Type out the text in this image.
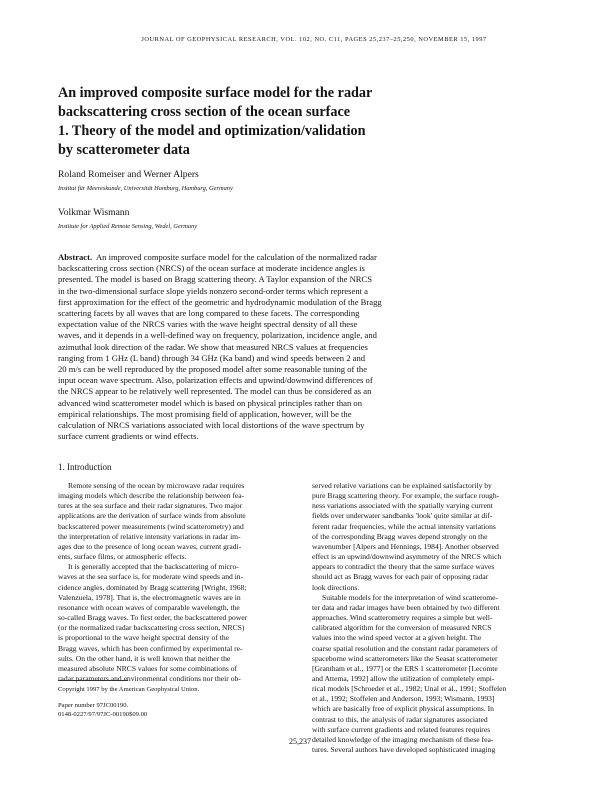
JOURNAL OF GEOPHYSICAL RESEARCH, VOL. 102, NO. C11, PAGES 25,237–25,250, NOVEMBER 15, 1997
An improved composite surface model for the radar
backscattering cross section of the ocean surface
1. Theory of the model and optimization/validation
by scatterometer data
Roland Romeiser and Werner Alpers
Institut für Meereskunde, Universität Hamburg, Hamburg, Germany
Volkmar Wismann
Institute for Applied Remote Sensing, Wedel, Germany
Abstract. An improved composite surface model for the calculation of the normalized radar
backscattering cross section (NRCS) of the ocean surface at moderate incidence angles is
presented. The model is based on Bragg scattering theory. A Taylor expansion of the NRCS
in the two-dimensional surface slope yields nonzero second-order terms which represent a
first approximation for the effect of the geometric and hydrodynamic modulation of the Bragg
scattering facets by all waves that are long compared to these facets. The corresponding
expectation value of the NRCS varies with the wave height spectral density of all these
waves, and it depends in a well-defined way on frequency, polarization, incidence angle, and
azimuthal look direction of the radar. We show that measured NRCS values at frequencies
ranging from 1 GHz (L band) through 34 GHz (Ka band) and wind speeds between 2 and
20 m/s can be well reproduced by the proposed model after some reasonable tuning of the
input ocean wave spectrum. Also, polarization effects and upwind/downwind differences of
the NRCS appear to be relatively well represented. The model can thus be considered as an
advanced wind scatterometer model which is based on physical principles rather than on
empirical relationships. The most promising field of application, however, will be the
calculation of NRCS variations associated with local distortions of the wave spectrum by
surface current gradients or wind effects.
1. Introduction
Remote sensing of the ocean by microwave radar requires
imaging models which describe the relationship between fea-
tures at the sea surface and their radar signatures. Two major
applications are the derivation of surface winds from absolute
backscattered power measurements (wind scatterometry) and
the interpretation of relative intensity variations in radar im-
ages due to the presence of long ocean waves, current gradi-
ents, surface films, or atmospheric effects.
It is generally accepted that the backscattering of micro-
waves at the sea surface is, for moderate wind speeds and in-
cidence angles, dominated by Bragg scattering [Wright, 1968;
Valenzuela, 1978]. That is, the electromagnetic waves are in
resonance with ocean waves of comparable wavelength, the
so-called Bragg waves. To first order, the backscattered power
(or the normalized radar backscattering cross section, NRCS)
is proportional to the wave height spectral density of the
Bragg waves, which has been confirmed by experimental re-
sults. On the other hand, it is well known that neither the
measured absolute NRCS values for some combinations of
radar parameters and environmental conditions nor their ob-
served relative variations can be explained satisfactorily by
pure Bragg scattering theory. For example, the surface rough-
ness variations associated with the spatially varying current
fields over underwater sandbanks 'look' quite similar at dif-
ferent radar frequencies, while the actual intensity variations
of the corresponding Bragg waves depend strongly on the
wavenumber [Alpers and Hennings, 1984]. Another observed
effect is an upwind/downwind asymmetry of the NRCS which
appears to contradict the theory that the same surface waves
should act as Bragg waves for each pair of opposing radar
look directions.
Suitable models for the interpretation of wind scatterome-
ter data and radar images have been obtained by two different
approaches. Wind scatterometry requires a simple but well-
calibrated algorithm for the conversion of measured NRCS
values into the wind speed vector at a given height. The
coarse spatial resolution and the constant radar parameters of
spaceborne wind scatterometers like the Seasat scatterometer
[Grantham et al., 1977] or the ERS 1 scatterometer [Lecomte
and Attema, 1992] allow the utilization of completely empi-
rical models [Schroeder et al., 1982; Unal et al., 1991; Stoffelen
et al., 1992; Stoffelen and Anderson, 1993; Wismann, 1993]
which are basically free of explicit physical assumptions. In
contrast to this, the analysis of radar signatures associated
with surface current gradients and related features requires
detailed knowledge of the imaging mechanism of these fea-
tures. Several authors have developed sophisticated imaging
Copyright 1997 by the American Geophysical Union.
Paper number 97JC00190.
0148-0227/97/97JC-00190$09.00
25,237
